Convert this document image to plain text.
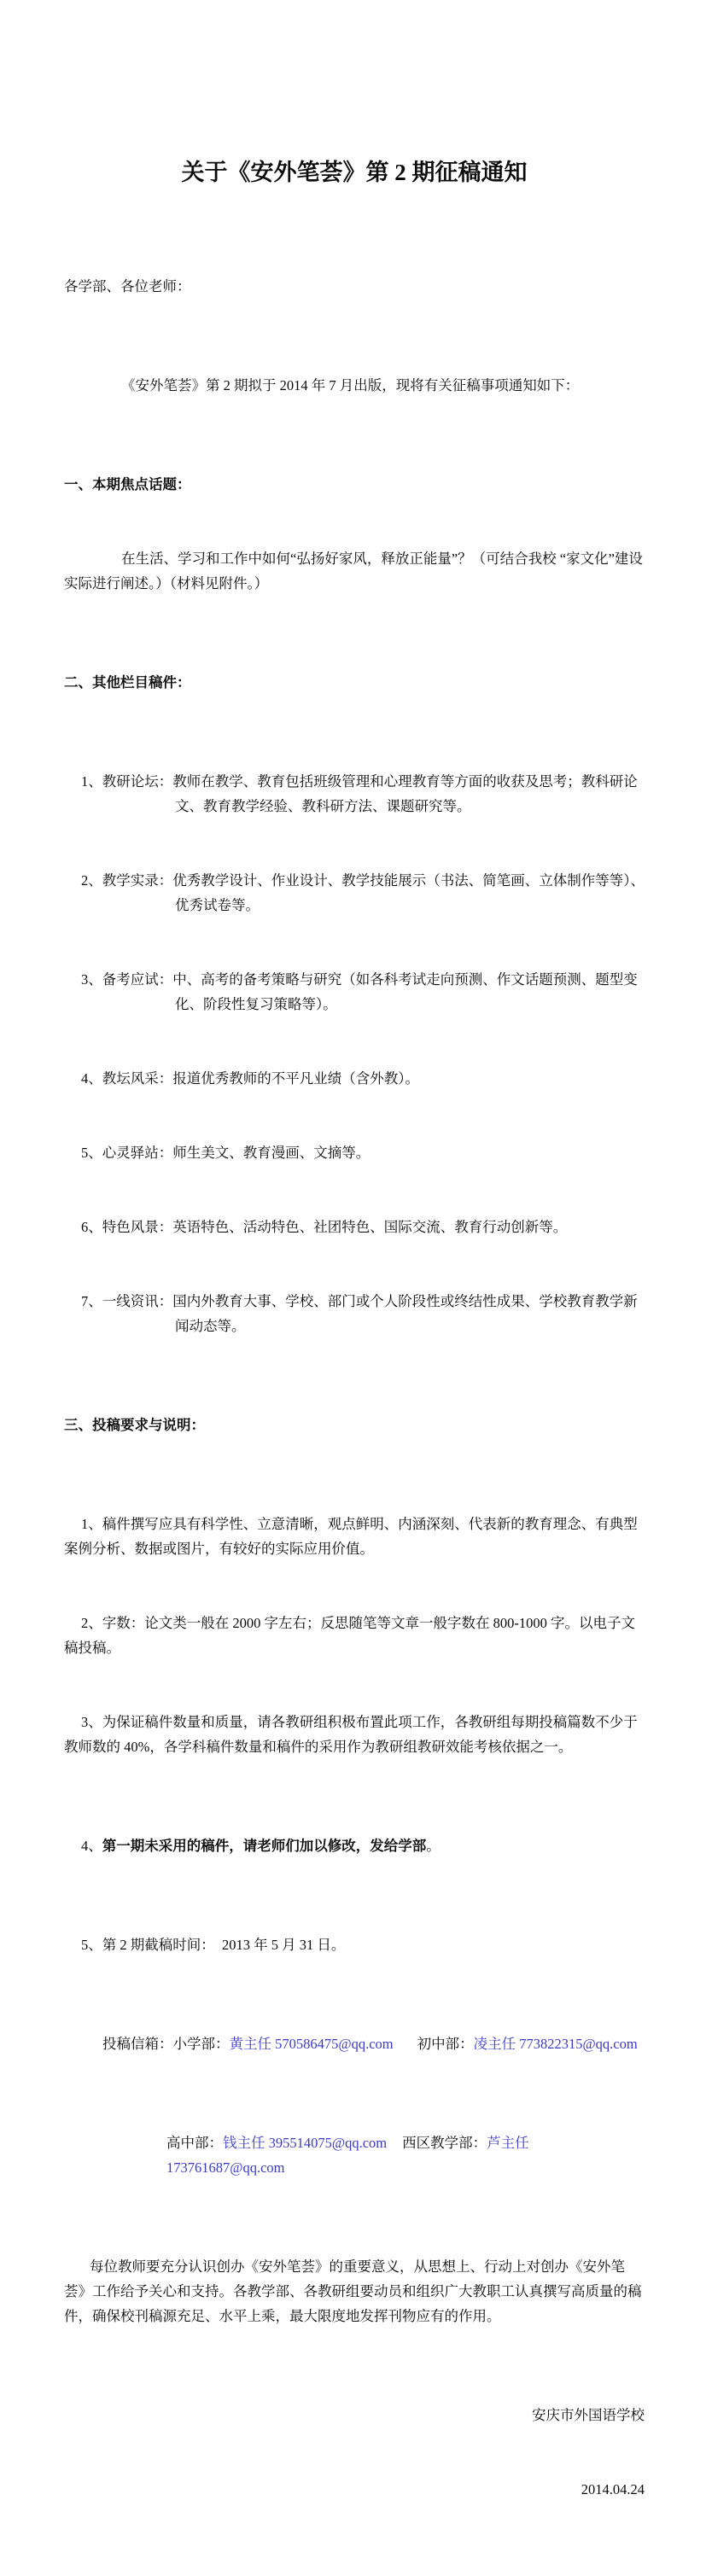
关于《安外笔荟》第 2 期征稿通知

各学部、各位老师：

《安外笔荟》第 2 期拟于 2014 年 7 月出版，现将有关征稿事项通知如下：

一、本期焦点话题：

在生活、学习和工作中如何“弘扬好家风，释放正能量”？（可结合我校 “家文化”建设实际进行阐述。）（材料见附件。）

二、其他栏目稿件：

1、教研论坛：教师在教学、教育包括班级管理和心理教育等方面的收获及思考；教科研论文、教育教学经验、教科研方法、课题研究等。

2、教学实录：优秀教学设计、作业设计、教学技能展示（书法、简笔画、立体制作等等）、优秀试卷等。

3、备考应试：中、高考的备考策略与研究（如各科考试走向预测、作文话题预测、题型变化、阶段性复习策略等）。

4、教坛风采：报道优秀教师的不平凡业绩（含外教）。

5、心灵驿站：师生美文、教育漫画、文摘等。

6、特色风景：英语特色、活动特色、社团特色、国际交流、教育行动创新等。

7、一线资讯：国内外教育大事、学校、部门或个人阶段性或终结性成果、学校教育教学新闻动态等。

三、投稿要求与说明：

1、稿件撰写应具有科学性、立意清晰，观点鲜明、内涵深刻、代表新的教育理念、有典型案例分析、数据或图片，有较好的实际应用价值。

2、字数：论文类一般在 2000 字左右；反思随笔等文章一般字数在 800-1000 字。以电子文稿投稿。

3、为保证稿件数量和质量，请各教研组积极布置此项工作，各教研组每期投稿篇数不少于教师数的 40%，各学科稿件数量和稿件的采用作为教研组教研效能考核依据之一。

4、第一期未采用的稿件，请老师们加以修改，发给学部。

5、第 2 期截稿时间：  2013 年 5 月 31 日。

投稿信箱：小学部：黄主任 570586475@qq.com 初中部：凌主任 773822315@qq.com

高中部：钱主任 395514075@qq.com 西区教学部：芦主任 173761687@qq.com

每位教师要充分认识创办《安外笔荟》的重要意义，从思想上、行动上对创办《安外笔荟》工作给予关心和支持。各教学部、各教研组要动员和组织广大教职工认真撰写高质量的稿件，确保校刊稿源充足、水平上乘，最大限度地发挥刊物应有的作用。

安庆市外国语学校

2014.04.24
